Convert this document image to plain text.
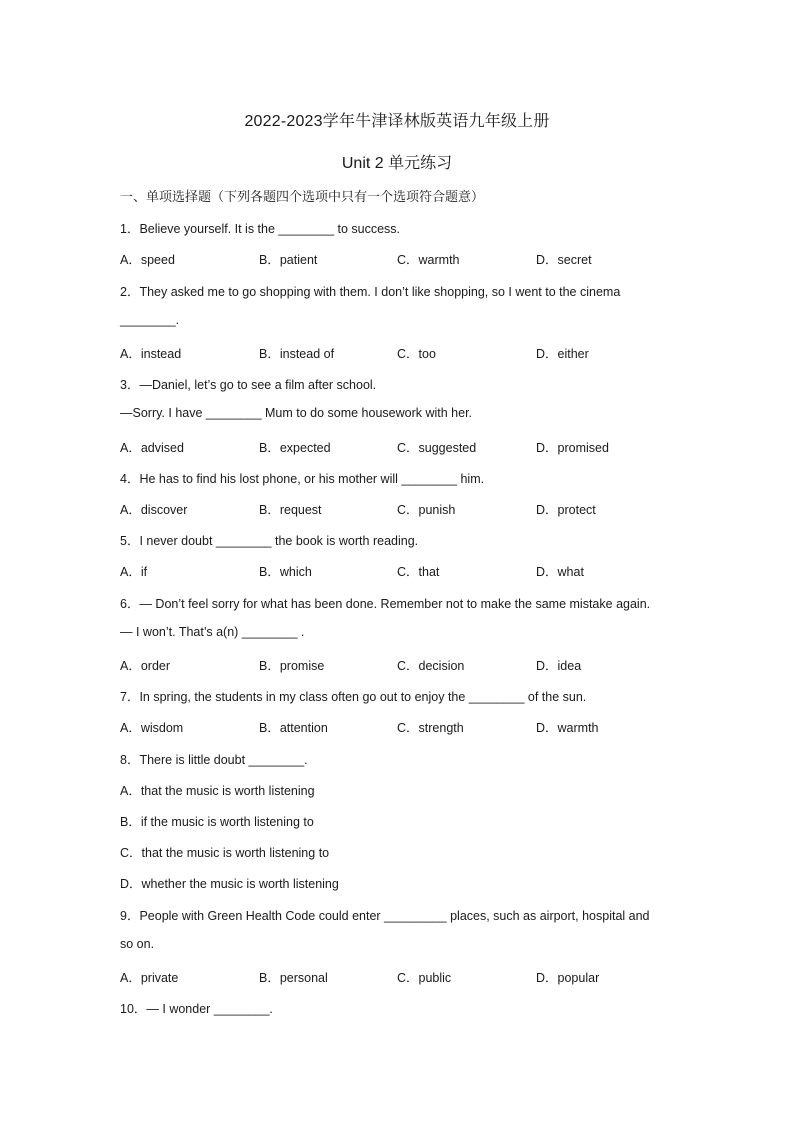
2022-2023学年牛津译林版英语九年级上册
Unit 2 单元练习
一、单项选择题（下列各题四个选项中只有一个选项符合题意）
1．Believe yourself. It is the ________ to success.
A．speed	B．patient	C．warmth	D．secret
2．They asked me to go shopping with them. I don’t like shopping, so I went to the cinema
________.
A．instead	B．instead of	C．too	D．either
3．—Daniel, let’s go to see a film after school.
—Sorry. I have ________ Mum to do some housework with her.
A．advised	B．expected	C．suggested	D．promised
4．He has to find his lost phone, or his mother will ________ him.
A．discover	B．request	C．punish	D．protect
5．I never doubt ________ the book is worth reading.
A．if	B．which	C．that	D．what
6．— Don’t feel sorry for what has been done. Remember not to make the same mistake again.
— I won’t. That’s a(n) ________ .
A．order	B．promise	C．decision	D．idea
7．In spring, the students in my class often go out to enjoy the ________ of the sun.
A．wisdom	B．attention	C．strength	D．warmth
8．There is little doubt ________.
A．that the music is worth listening
B．if the music is worth listening to
C．that the music is worth listening to
D．whether the music is worth listening
9．People with Green Health Code could enter _________ places, such as airport, hospital and
so on.
A．private	B．personal	C．public	D．popular
10．— I wonder ________.
